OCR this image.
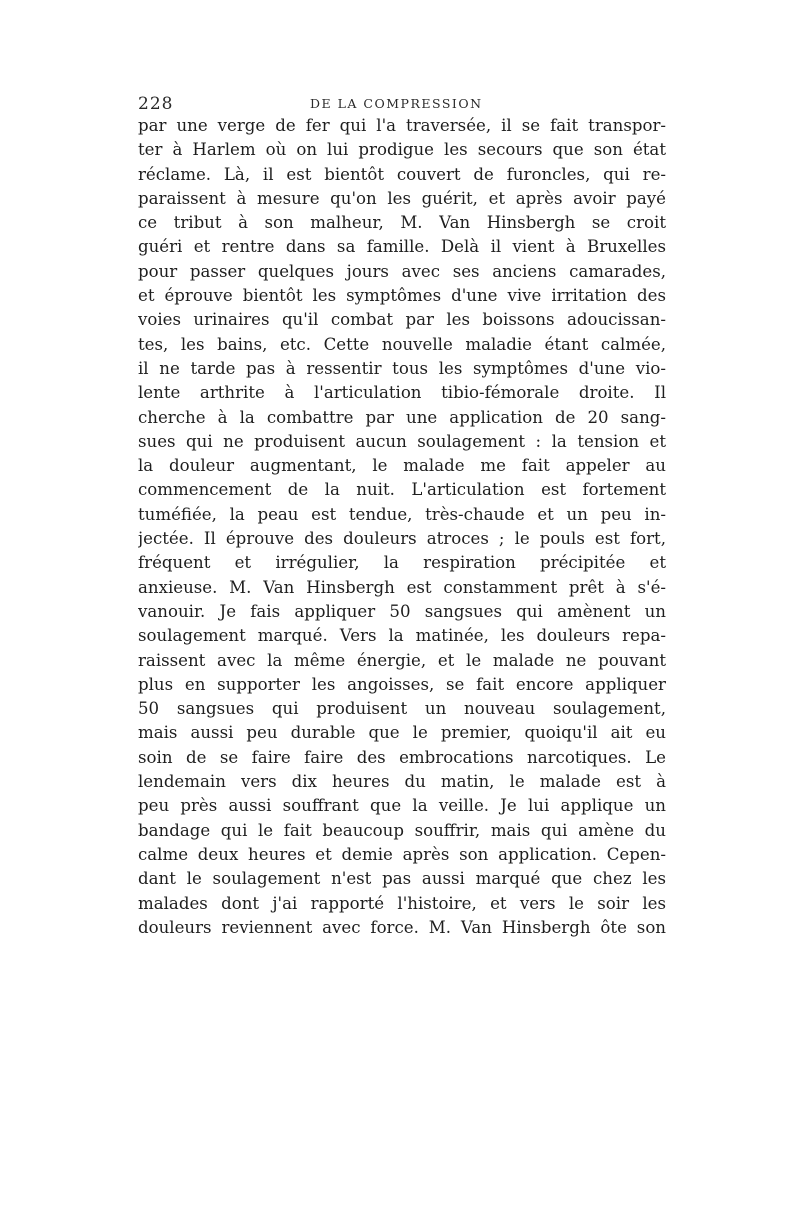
228	DE LA COMPRESSION
par une verge de fer qui l'a traversée, il se fait transpor-
ter à Harlem où on lui prodigue les secours que son état
réclame. Là, il est bientôt couvert de furoncles, qui re-
paraissent à mesure qu'on les guérit, et après avoir payé
ce tribut à son malheur, M. Van Hinsbergh se croit
guéri et rentre dans sa famille. Delà il vient à Bruxelles
pour passer quelques jours avec ses anciens camarades,
et éprouve bientôt les symptômes d'une vive irritation des
voies urinaires qu'il combat par les boissons adoucissan-
tes, les bains, etc. Cette nouvelle maladie étant calmée,
il ne tarde pas à ressentir tous les symptômes d'une vio-
lente arthrite à l'articulation tibio-fémorale droite. Il
cherche à la combattre par une application de 20 sang-
sues qui ne produisent aucun soulagement : la tension et
la douleur augmentant, le malade me fait appeler au
commencement de la nuit. L'articulation est fortement
tuméfiée, la peau est tendue, très-chaude et un peu in-
jectée. Il éprouve des douleurs atroces ; le pouls est fort,
fréquent et irrégulier, la respiration précipitée et
anxieuse. M. Van Hinsbergh est constamment prêt à s'é-
vanouir. Je fais appliquer 50 sangsues qui amènent un
soulagement marqué. Vers la matinée, les douleurs repa-
raissent avec la même énergie, et le malade ne pouvant
plus en supporter les angoisses, se fait encore appliquer
50 sangsues qui produisent un nouveau soulagement,
mais aussi peu durable que le premier, quoiqu'il ait eu
soin de se faire faire des embrocations narcotiques. Le
lendemain vers dix heures du matin, le malade est à
peu près aussi souffrant que la veille. Je lui applique un
bandage qui le fait beaucoup souffrir, mais qui amène du
calme deux heures et demie après son application. Cepen-
dant le soulagement n'est pas aussi marqué que chez les
malades dont j'ai rapporté l'histoire, et vers le soir les
douleurs reviennent avec force. M. Van Hinsbergh ôte son
